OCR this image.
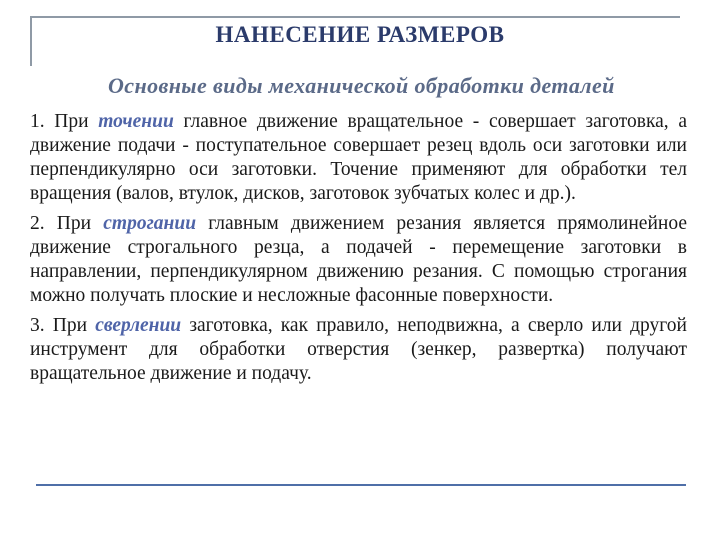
НАНЕСЕНИЕ РАЗМЕРОВ
Основные виды механической обработки деталей

1. При точении главное движение вращательное - совершает заготовка, а движение подачи - поступательное совершает резец вдоль оси заготовки или перпендикулярно оси заготовки. Точение применяют для обработки тел вращения (валов, втулок, дисков, заготовок зубчатых колес и др.).

2. При строгании главным движением резания является прямолинейное движение строгального резца, а подачей - перемещение заготовки в направлении, перпендикулярном движению резания. С помощью строгания можно получать плоские и несложные фасонные поверхности.

3. При сверлении заготовка, как правило, неподвижна, а сверло или другой инструмент для обработки отверстия (зенкер, развертка) получают вращательное движение и подачу.
